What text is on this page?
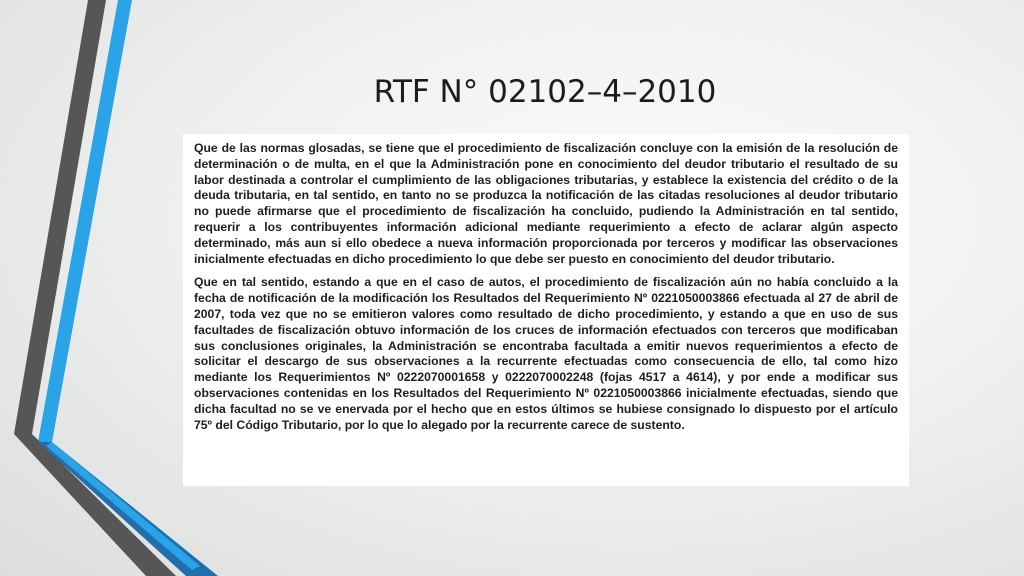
RTF N° 02102–4–2010

Que de las normas glosadas, se tiene que el procedimiento de fiscalización concluye con la emisión de la resolución de determinación o de multa, en el que la Administración pone en conocimiento del deudor tributario el resultado de su labor destinada a controlar el cumplimiento de las obligaciones tributarias, y establece la existencia del crédito o de la deuda tributaria, en tal sentido, en tanto no se produzca la notificación de las citadas resoluciones al deudor tributario no puede afirmarse que el procedimiento de fiscalización ha concluido, pudiendo la Administración en tal sentido, requerir a los contribuyentes información adicional mediante requerimiento a efecto de aclarar algún aspecto determinado, más aun si ello obedece a nueva información proporcionada por terceros y modificar las observaciones inicialmente efectuadas en dicho procedimiento lo que debe ser puesto en conocimiento del deudor tributario.

Que en tal sentido, estando a que en el caso de autos, el procedimiento de fiscalización aún no había concluido a la fecha de notificación de la modificación los Resultados del Requerimiento Nº 0221050003866 efectuada al 27 de abril de 2007, toda vez que no se emitieron valores como resultado de dicho procedimiento, y estando a que en uso de sus facultades de fiscalización obtuvo información de los cruces de información efectuados con terceros que modificaban sus conclusiones originales, la Administración se encontraba facultada a emitir nuevos requerimientos a efecto de solicitar el descargo de sus observaciones a la recurrente efectuadas como consecuencia de ello, tal como hizo mediante los Requerimientos Nº 0222070001658 y 0222070002248 (fojas 4517 a 4614), y por ende a modificar sus observaciones contenidas en los Resultados del Requerimiento Nº 0221050003866 inicialmente efectuadas, siendo que dicha facultad no se ve enervada por el hecho que en estos últimos se hubiese consignado lo dispuesto por el artículo 75º del Código Tributario, por lo que lo alegado por la recurrente carece de sustento.
